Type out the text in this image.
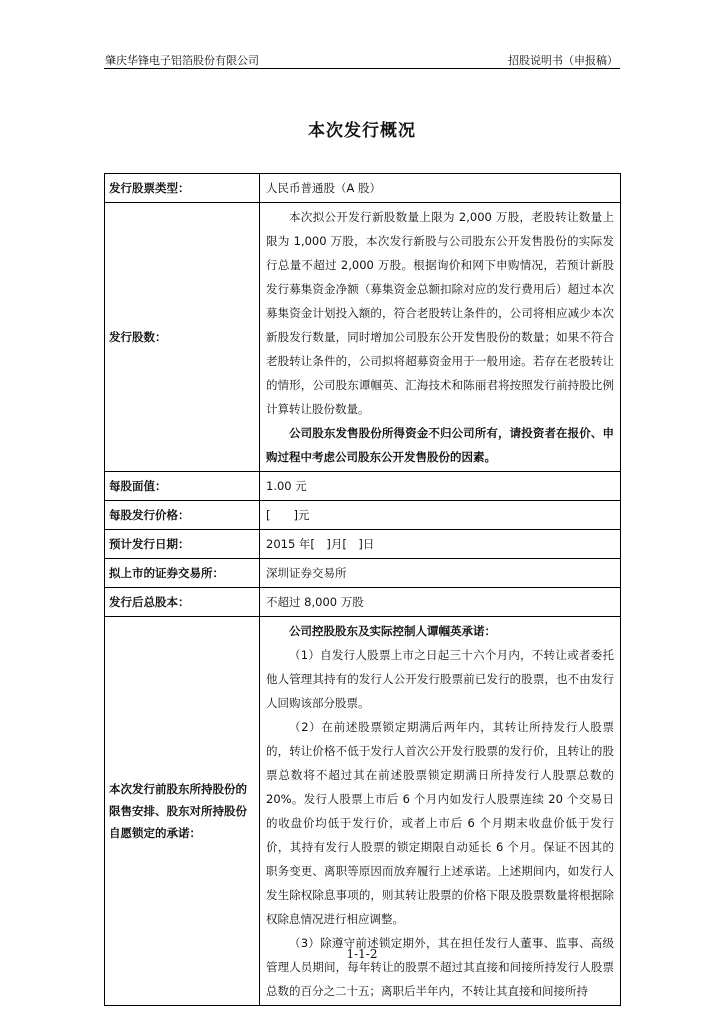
肇庆华锋电子铝箔股份有限公司	招股说明书（申报稿）
本次发行概况
发行股票类型：	人民币普通股（A 股）
发行股数：	本次拟公开发行新股数量上限为 2,000 万股，老股转让数量上限为 1,000 万股，本次发行新股与公司股东公开发售股份的实际发行总量不超过 2,000 万股。根据询价和网下申购情况，若预计新股发行募集资金净额（募集资金总额扣除对应的发行费用后）超过本次募集资金计划投入额的，符合老股转让条件的，公司将相应减少本次新股发行数量，同时增加公司股东公开发售股份的数量；如果不符合老股转让条件的，公司拟将超募资金用于一般用途。若存在老股转让的情形，公司股东谭帼英、汇海技术和陈丽君将按照发行前持股比例计算转让股份数量。

公司股东发售股份所得资金不归公司所有，请投资者在报价、申购过程中考虑公司股东公开发售股份的因素。

每股面值：	1.00 元
每股发行价格：	[　　]元
预计发行日期：	2015 年[　]月[　]日
拟上市的证券交易所：	深圳证券交易所
发行后总股本：	不超过 8,000 万股
本次发行前股东所持股份的限售安排、股东对所持股份自愿锁定的承诺：	公司控股股东及实际控制人谭帼英承诺：

（1）自发行人股票上市之日起三十六个月内，不转让或者委托他人管理其持有的发行人公开发行股票前已发行的股票，也不由发行人回购该部分股票。

（2）在前述股票锁定期满后两年内，其转让所持发行人股票的，转让价格不低于发行人首次公开发行股票的发行价，且转让的股票总数将不超过其在前述股票锁定期满日所持发行人股票总数的 20%。发行人股票上市后 6 个月内如发行人股票连续 20 个交易日的收盘价均低于发行价，或者上市后 6 个月期末收盘价低于发行价，其持有发行人股票的锁定期限自动延长 6 个月。保证不因其的职务变更、离职等原因而放弃履行上述承诺。上述期间内，如发行人发生除权除息事项的，则其转让股票的价格下限及股票数量将根据除权除息情况进行相应调整。

（3）除遵守前述锁定期外，其在担任发行人董事、监事、高级管理人员期间，每年转让的股票不超过其直接和间接所持发行人股票总数的百分之二十五；离职后半年内，不转让其直接和间接所持

1-1-2
